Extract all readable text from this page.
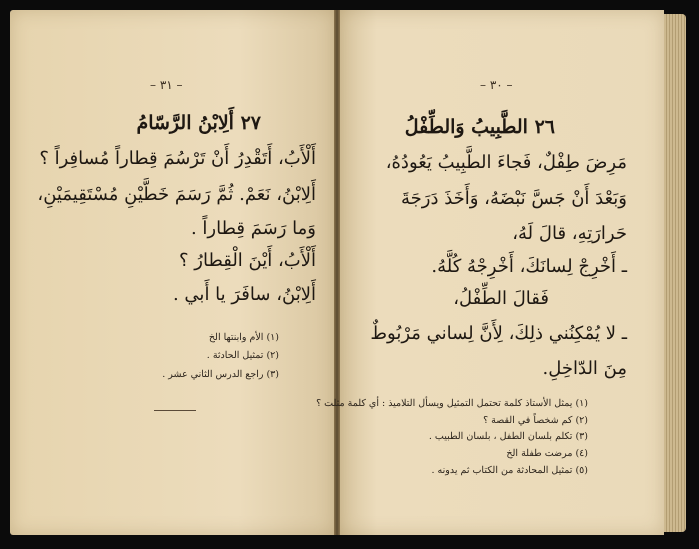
– ٣١ –
٢٧ أَلِابْنُ الرَّسّامُ
أَلْأَبُ، أَتَقْدِرُ أَنْ تَرْسُمَ قِطاراً مُسافِراً ؟
أَلِابْنُ، نَعَمْ. ثُمَّ رَسَمَ خَطَّيْنِ مُسْتَقِيمَيْنِ،
وَما رَسَمَ قِطاراً .
أَلْأَبُ، أَيْنَ الْقِطارُ ؟
أَلِابْنُ، سافَرَ يا أَبي .
(١) الأم وابنتها الخ
(٢) تمثيل الحادثة .
(٣) راجع الدرس الثاني عشر .
– ٣٠ –
٢٦ الطَّبِيبُ وَالطِّفْلُ
مَرِضَ طِفْلٌ، فَجاءَ الطَّبِيبُ يَعُودُهُ،
وَبَعْدَ أَنْ جَسَّ نَبْضَهُ، وَأَخَذَ دَرَجَةَ
حَرارَتِهِ، قالَ لَهُ،
ـ أَخْرِجْ لِسانَكَ، أَخْرِجْهُ كُلَّهُ.
فَقالَ الطِّفْلُ،
ـ لا يُمْكِنُني ذلِكَ، لِأَنَّ لِساني مَرْبُوطٌ
مِنَ الدّاخِلِ.
(١) يمثل الأستاذ كلمة تحتمل التمثيل ويسأل التلاميذ : أي كلمة مثلت ؟
(٢) كم شخصاً في القصة ؟
(٣) تكلم بلسان الطفل ، بلسان الطبيب .
(٤) مرضت طفلة الخ
(٥) تمثيل المحادثة من الكتاب ثم يدونه .
